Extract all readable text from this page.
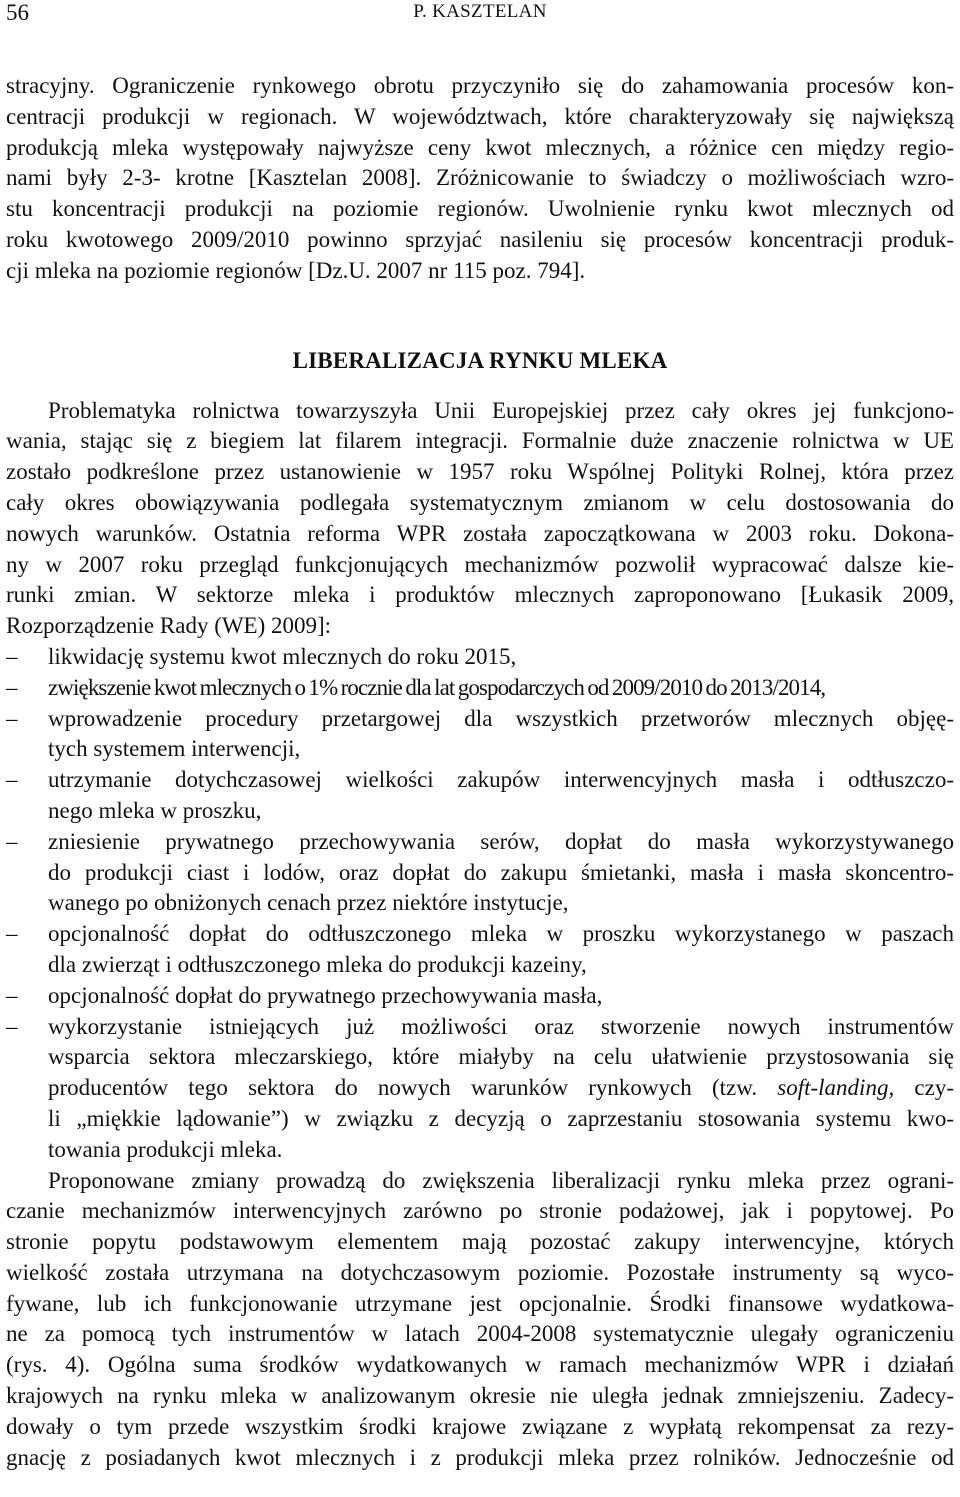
56	P. KASZTELAN
stracyjny. Ograniczenie rynkowego obrotu przyczyniło się do zahamowania procesów kon-
centracji produkcji w regionach. W województwach, które charakteryzowały się największą
produkcją mleka występowały najwyższe ceny kwot mlecznych, a różnice cen między regio-
nami były 2-3- krotne [Kasztelan 2008]. Zróżnicowanie to świadczy o możliwościach wzro-
stu koncentracji produkcji na poziomie regionów. Uwolnienie rynku kwot mlecznych od
roku kwotowego 2009/2010 powinno sprzyjać nasileniu się procesów koncentracji produk-
cji mleka na poziomie regionów [Dz.U. 2007 nr 115 poz. 794].
LIBERALIZACJA RYNKU MLEKA
Problematyka rolnictwa towarzyszyła Unii Europejskiej przez cały okres jej funkcjono-
wania, stając się z biegiem lat filarem integracji. Formalnie duże znaczenie rolnictwa w UE
zostało podkreślone przez ustanowienie w 1957 roku Wspólnej Polityki Rolnej, która przez
cały okres obowiązywania podlegała systematycznym zmianom w celu dostosowania do
nowych warunków. Ostatnia reforma WPR została zapoczątkowana w 2003 roku. Dokona-
ny w 2007 roku przegląd funkcjonujących mechanizmów pozwolił wypracować dalsze kie-
runki zmian. W sektorze mleka i produktów mlecznych zaproponowano [Łukasik 2009,
Rozporządzenie Rady (WE) 2009]:
– likwidację systemu kwot mlecznych do roku 2015,
– zwiększenie kwot mlecznych o 1% rocznie dla lat gospodarczych od 2009/2010 do 2013/2014,
– wprowadzenie procedury przetargowej dla wszystkich przetworów mlecznych objęę-
tych systemem interwencji,
– utrzymanie dotychczasowej wielkości zakupów interwencyjnych masła i odtłuszczo-
nego mleka w proszku,
– zniesienie prywatnego przechowywania serów, dopłat do masła wykorzystywanego
do produkcji ciast i lodów, oraz dopłat do zakupu śmietanki, masła i masła skoncentro-
wanego po obniżonych cenach przez niektóre instytucje,
– opcjonalność dopłat do odtłuszczonego mleka w proszku wykorzystanego w paszach
dla zwierząt i odtłuszczonego mleka do produkcji kazeiny,
– opcjonalność dopłat do prywatnego przechowywania masła,
– wykorzystanie istniejących już możliwości oraz stworzenie nowych instrumentów
wsparcia sektora mleczarskiego, które miałyby na celu ułatwienie przystosowania się
producentów tego sektora do nowych warunków rynkowych (tzw. soft-landing, czy-
li „miękkie lądowanie”) w związku z decyzją o zaprzestaniu stosowania systemu kwo-
towania produkcji mleka.
Proponowane zmiany prowadzą do zwiększenia liberalizacji rynku mleka przez ograni-
czanie mechanizmów interwencyjnych zarówno po stronie podażowej, jak i popytowej. Po
stronie popytu podstawowym elementem mają pozostać zakupy interwencyjne, których
wielkość została utrzymana na dotychczasowym poziomie. Pozostałe instrumenty są wyco-
fywane, lub ich funkcjonowanie utrzymane jest opcjonalnie. Środki finansowe wydatkowa-
ne za pomocą tych instrumentów w latach 2004-2008 systematycznie ulegały ograniczeniu
(rys. 4). Ogólna suma środków wydatkowanych w ramach mechanizmów WPR i działań
krajowych na rynku mleka w analizowanym okresie nie uległa jednak zmniejszeniu. Zadecy-
dowały o tym przede wszystkim środki krajowe związane z wypłatą rekompensat za rezy-
gnację z posiadanych kwot mlecznych i z produkcji mleka przez rolników. Jednocześnie od
